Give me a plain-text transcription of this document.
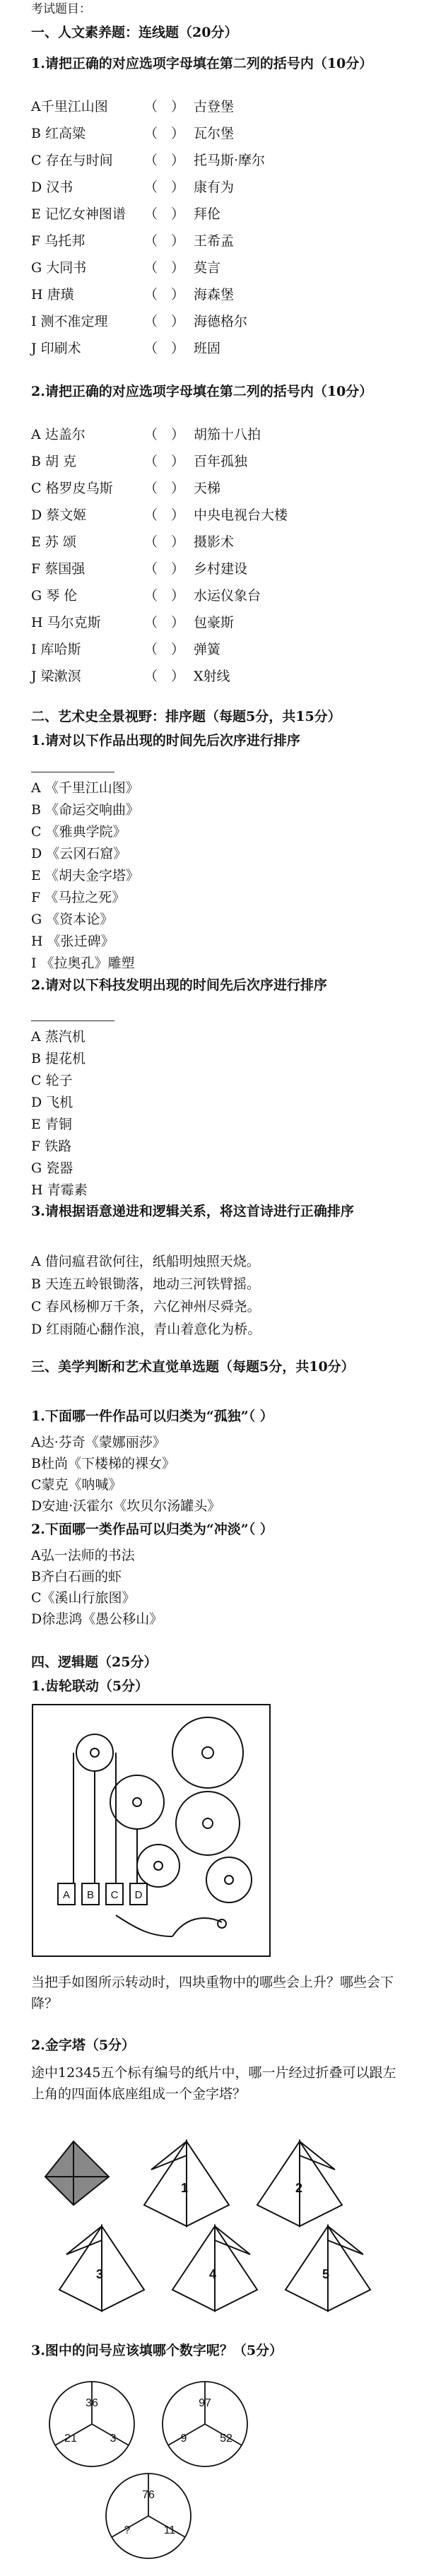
考试题目：
一、人文素养题：连线题（20分）
1.请把正确的对应选项字母填在第二列的括号内（10分）
A千里江山图	（　） 古登堡
B 红高粱	（　） 瓦尔堡
C 存在与时间 （　） 托马斯·摩尔
D 汉书	（　） 康有为
E 记忆女神图谱 （　） 拜伦
F 乌托邦	（　） 王希孟
G 大同书	（　） 莫言
H 唐璜	（　） 海森堡
I 测不准定理	（　） 海德格尔
J 印刷术	（　） 班固
2.请把正确的对应选项字母填在第二列的括号内（10分）
A 达盖尔	（　） 胡笳十八拍
B 胡 克	（　） 百年孤独
C 格罗皮乌斯 （　） 天梯
D 蔡文姬	（　） 中央电视台大楼
E 苏 颂	（　） 摄影术
F 蔡国强	（　） 乡村建设
G 琴 伦	（　） 水运仪象台
H 马尔克斯	（　） 包豪斯
I 库哈斯	（　） 弹簧
J 梁漱溟	（　） X射线
二、艺术史全景视野：排序题（每题5分，共15分）
1.请对以下作品出现的时间先后次序进行排序
A 《千里江山图》
B 《命运交响曲》
C 《雅典学院》
D 《云冈石窟》
E 《胡夫金字塔》
F 《马拉之死》
G 《资本论》
H 《张迁碑》
I 《拉奥孔》雕塑
2.请对以下科技发明出现的时间先后次序进行排序
A 蒸汽机
B 提花机
C 轮子
D 飞机
E 青铜
F 铁路
G 瓷器
H 青霉素
3.请根据语意递进和逻辑关系，将这首诗进行正确排序
A 借问瘟君欲何往，纸船明烛照天烧。
B 天连五岭银锄落，地动三河铁臂摇。
C 春风杨柳万千条，六亿神州尽舜尧。
D 红雨随心翻作浪，青山着意化为桥。
三、美学判断和艺术直觉单选题（每题5分，共10分）
1.下面哪一件作品可以归类为“孤独”（ ）
A达·芬奇《蒙娜丽莎》
B杜尚《下楼梯的裸女》
C蒙克《呐喊》
D安迪·沃霍尔《坎贝尔汤罐头》
2.下面哪一类作品可以归类为“冲淡”（ ）
A弘一法师的书法
B齐白石画的虾
C《溪山行旅图》
D徐悲鸿《愚公移山》
四、逻辑题（25分）
1.齿轮联动（5分）
A B C D
当把手如图所示转动时，四块重物中的哪些会上升？哪些会下降？
2.金字塔（5分）
途中12345五个标有编号的纸片中，哪一片经过折叠可以跟左上角的四面体底座组成一个金字塔？
1	2
3	4	5
3.图中的问号应该填哪个数字呢？（5分）
36
21	3
97
9	52
76
?	11
